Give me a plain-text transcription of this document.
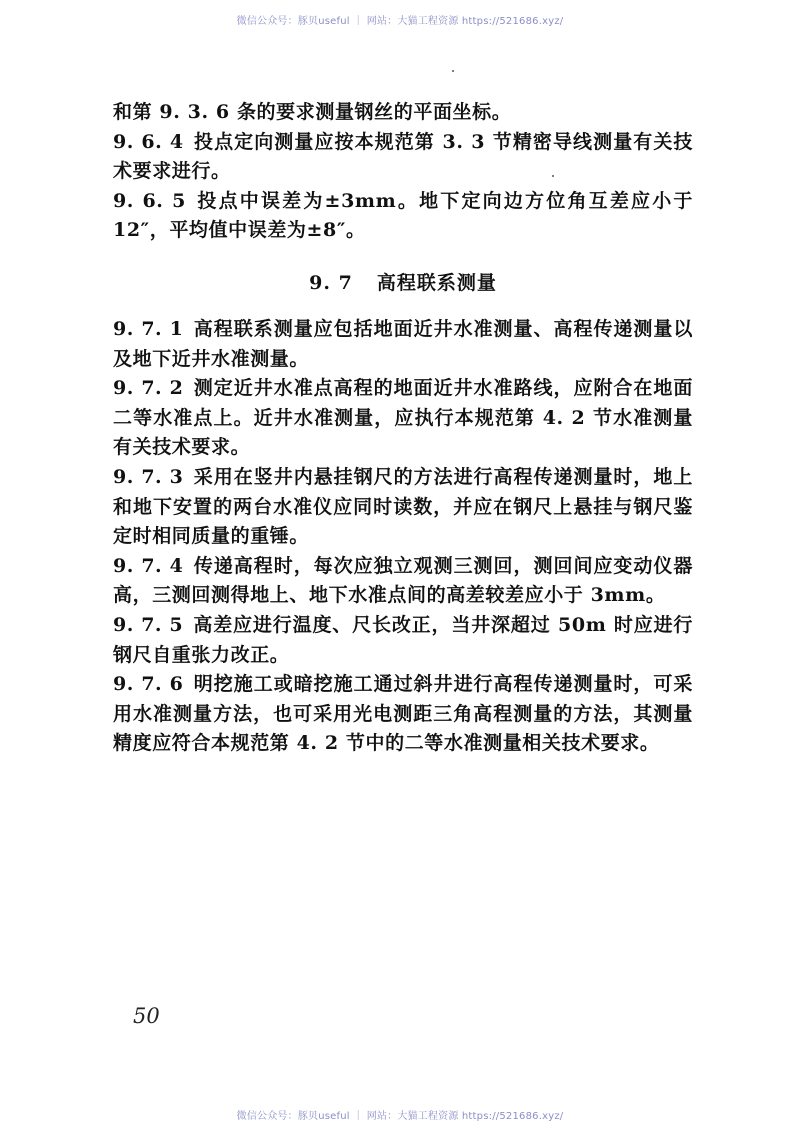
微信公众号：豚贝useful ｜ 网站：大猫工程资源 https://521686.xyz/

和第 9. 3. 6 条的要求测量钢丝的平面坐标。

9. 6. 4 投点定向测量应按本规范第 3. 3 节精密导线测量有关技术要求进行。

9. 6. 5 投点中误差为±3mm。地下定向边方位角互差应小于12″，平均值中误差为±8″。

9. 7 高程联系测量

9. 7. 1 高程联系测量应包括地面近井水准测量、高程传递测量以及地下近井水准测量。

9. 7. 2 测定近井水准点高程的地面近井水准路线，应附合在地面二等水准点上。近井水准测量，应执行本规范第 4. 2 节水准测量有关技术要求。

9. 7. 3 采用在竖井内悬挂钢尺的方法进行高程传递测量时，地上和地下安置的两台水准仪应同时读数，并应在钢尺上悬挂与钢尺鉴定时相同质量的重锤。

9. 7. 4 传递高程时，每次应独立观测三测回，测回间应变动仪器高，三测回测得地上、地下水准点间的高差较差应小于 3mm。

9. 7. 5 高差应进行温度、尺长改正，当井深超过 50m 时应进行钢尺自重张力改正。

9. 7. 6 明挖施工或暗挖施工通过斜井进行高程传递测量时，可采用水准测量方法，也可采用光电测距三角高程测量的方法，其测量精度应符合本规范第 4. 2 节中的二等水准测量相关技术要求。

50
微信公众号：豚贝useful ｜ 网站：大猫工程资源 https://521686.xyz/
